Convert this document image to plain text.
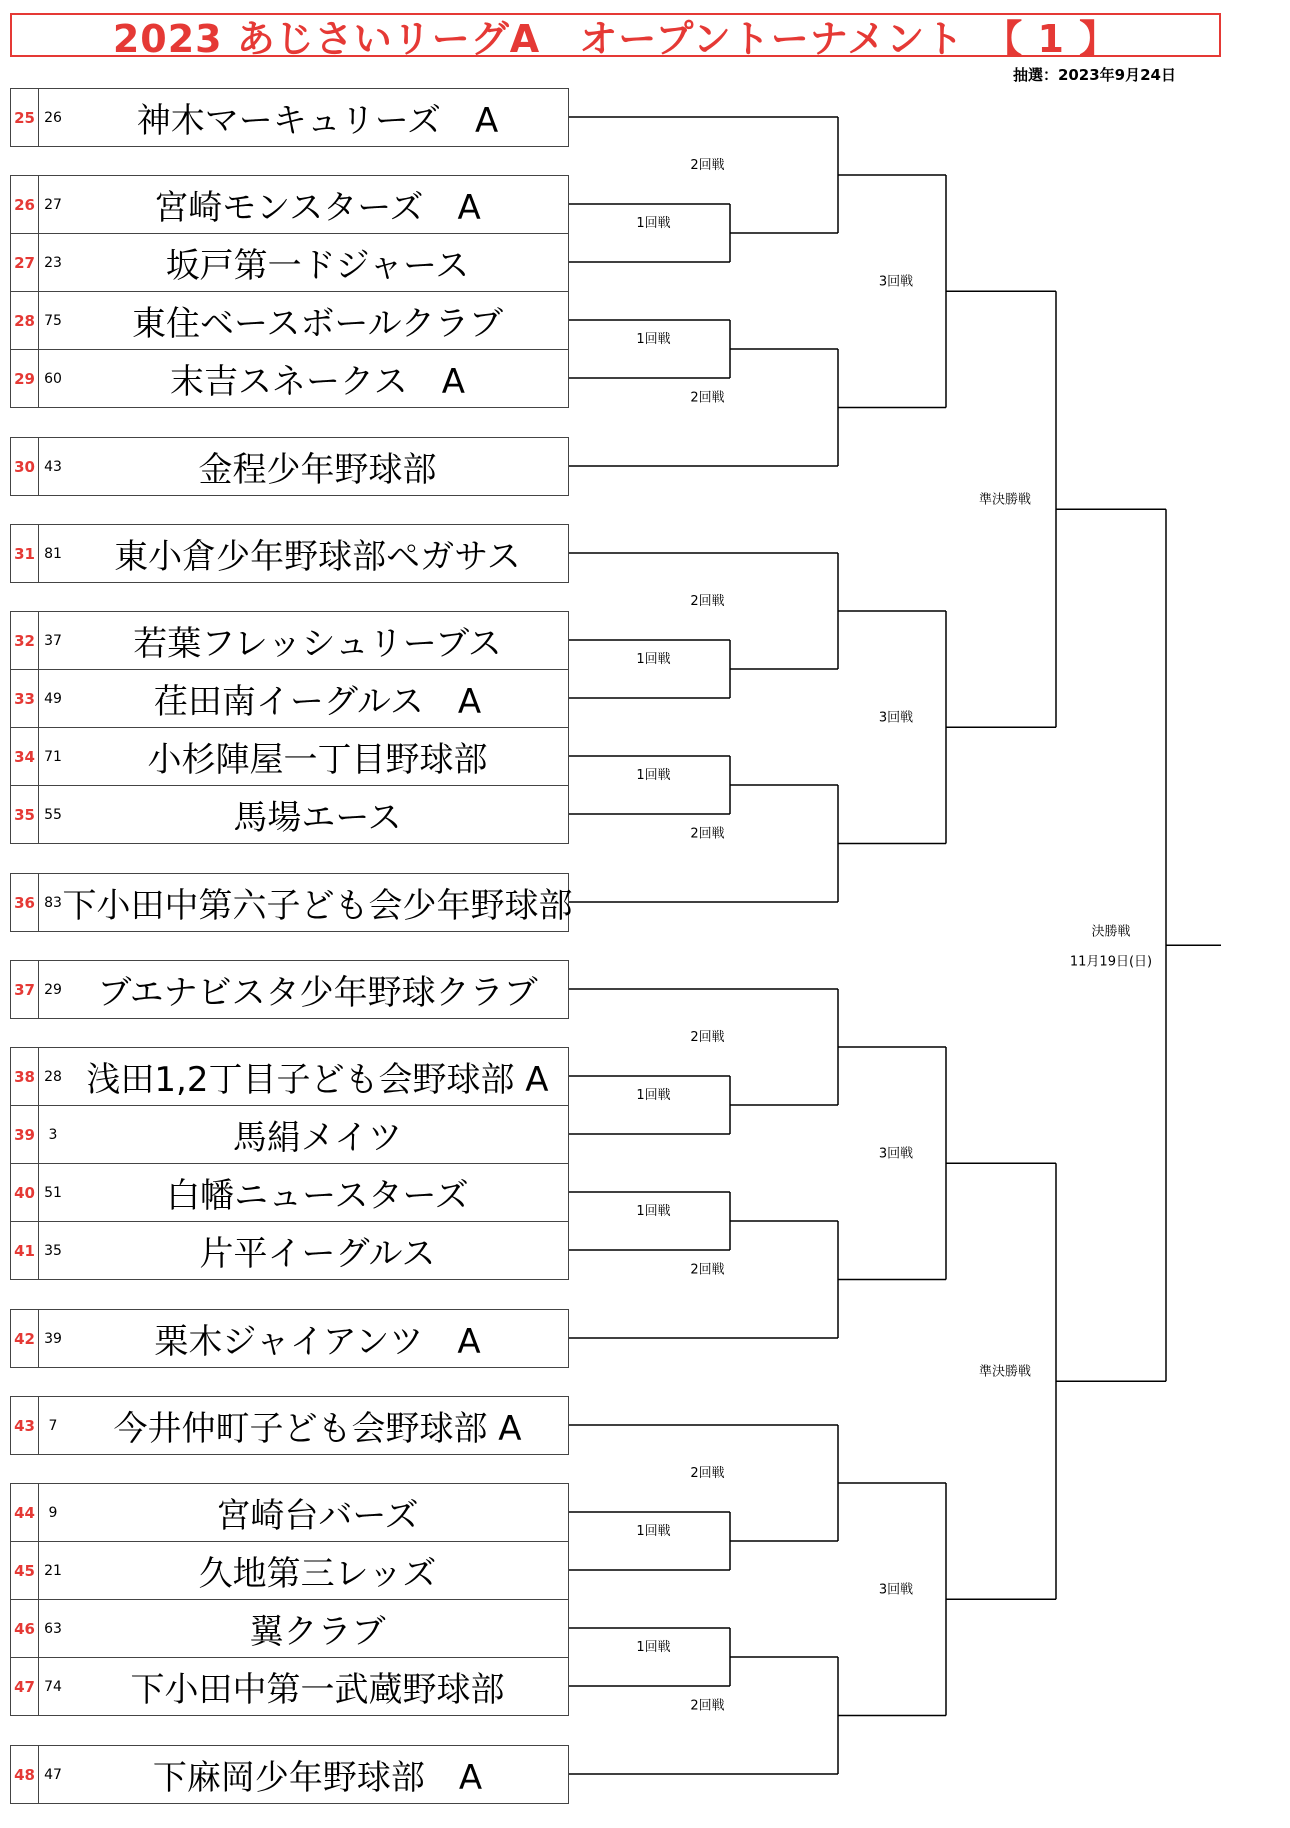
2023 あじさいリーグA　オープントーナメント　【 1 】
抽選：2023年9月24日
25 26	神木マーキュリーズ　A
26 27	宮崎モンスターズ　A
27 23	坂戸第一ドジャース
28 75	東住ベースボールクラブ
29 60	末吉スネークス　A
30 43	金程少年野球部
31 81	東小倉少年野球部ペガサス
32 37	若葉フレッシュリーブス
33 49	荏田南イーグルス　A
34 71	小杉陣屋一丁目野球部
35 55	馬場エース
36 83 下小田中第六子ども会少年野球部
37 29	ブエナビスタ少年野球クラブ
38 28 浅田1,2丁目子ども会野球部 A
39 3	馬絹メイツ
40 51	白幡ニュースターズ
41 35	片平イーグルス
42 39	栗木ジャイアンツ　A
43 7	今井仲町子ども会野球部 A
44 9	宮崎台バーズ
45 21	久地第三レッズ
46 63	翼クラブ
47 74	下小田中第一武蔵野球部
48 47	下麻岡少年野球部　A
1回戦
1回戦
2回戦
2回戦
3回戦
1回戦
1回戦
2回戦
2回戦
3回戦
1回戦
1回戦
2回戦
2回戦
3回戦
1回戦
1回戦
2回戦
2回戦
3回戦
準決勝戦
準決勝戦
決勝戦
11月19日(日)
